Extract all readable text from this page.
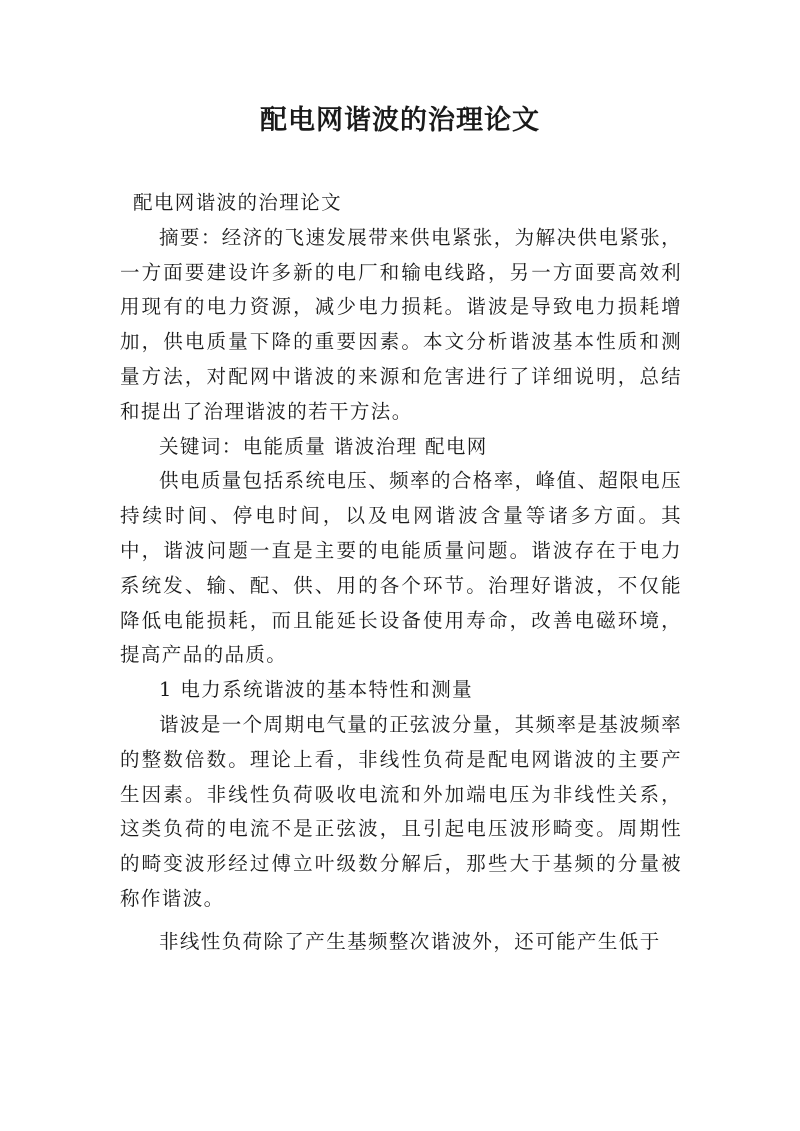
配电网谐波的治理论文

配电网谐波的治理论文

摘要：经济的飞速发展带来供电紧张，为解决供电紧张，一方面要建设许多新的电厂和输电线路，另一方面要高效利用现有的电力资源，减少电力损耗。谐波是导致电力损耗增加，供电质量下降的重要因素。本文分析谐波基本性质和测量方法，对配网中谐波的来源和危害进行了详细说明，总结和提出了治理谐波的若干方法。

关键词：电能质量 谐波治理 配电网

供电质量包括系统电压、频率的合格率，峰值、超限电压持续时间、停电时间，以及电网谐波含量等诸多方面。其中，谐波问题一直是主要的电能质量问题。谐波存在于电力系统发、输、配、供、用的各个环节。治理好谐波，不仅能降低电能损耗，而且能延长设备使用寿命，改善电磁环境，提高产品的品质。

1 电力系统谐波的基本特性和测量

谐波是一个周期电气量的正弦波分量，其频率是基波频率的整数倍数。理论上看，非线性负荷是配电网谐波的主要产生因素。非线性负荷吸收电流和外加端电压为非线性关系，这类负荷的电流不是正弦波，且引起电压波形畸变。周期性的畸变波形经过傅立叶级数分解后，那些大于基频的分量被称作谐波。

非线性负荷除了产生基频整次谐波外，还可能产生低于
